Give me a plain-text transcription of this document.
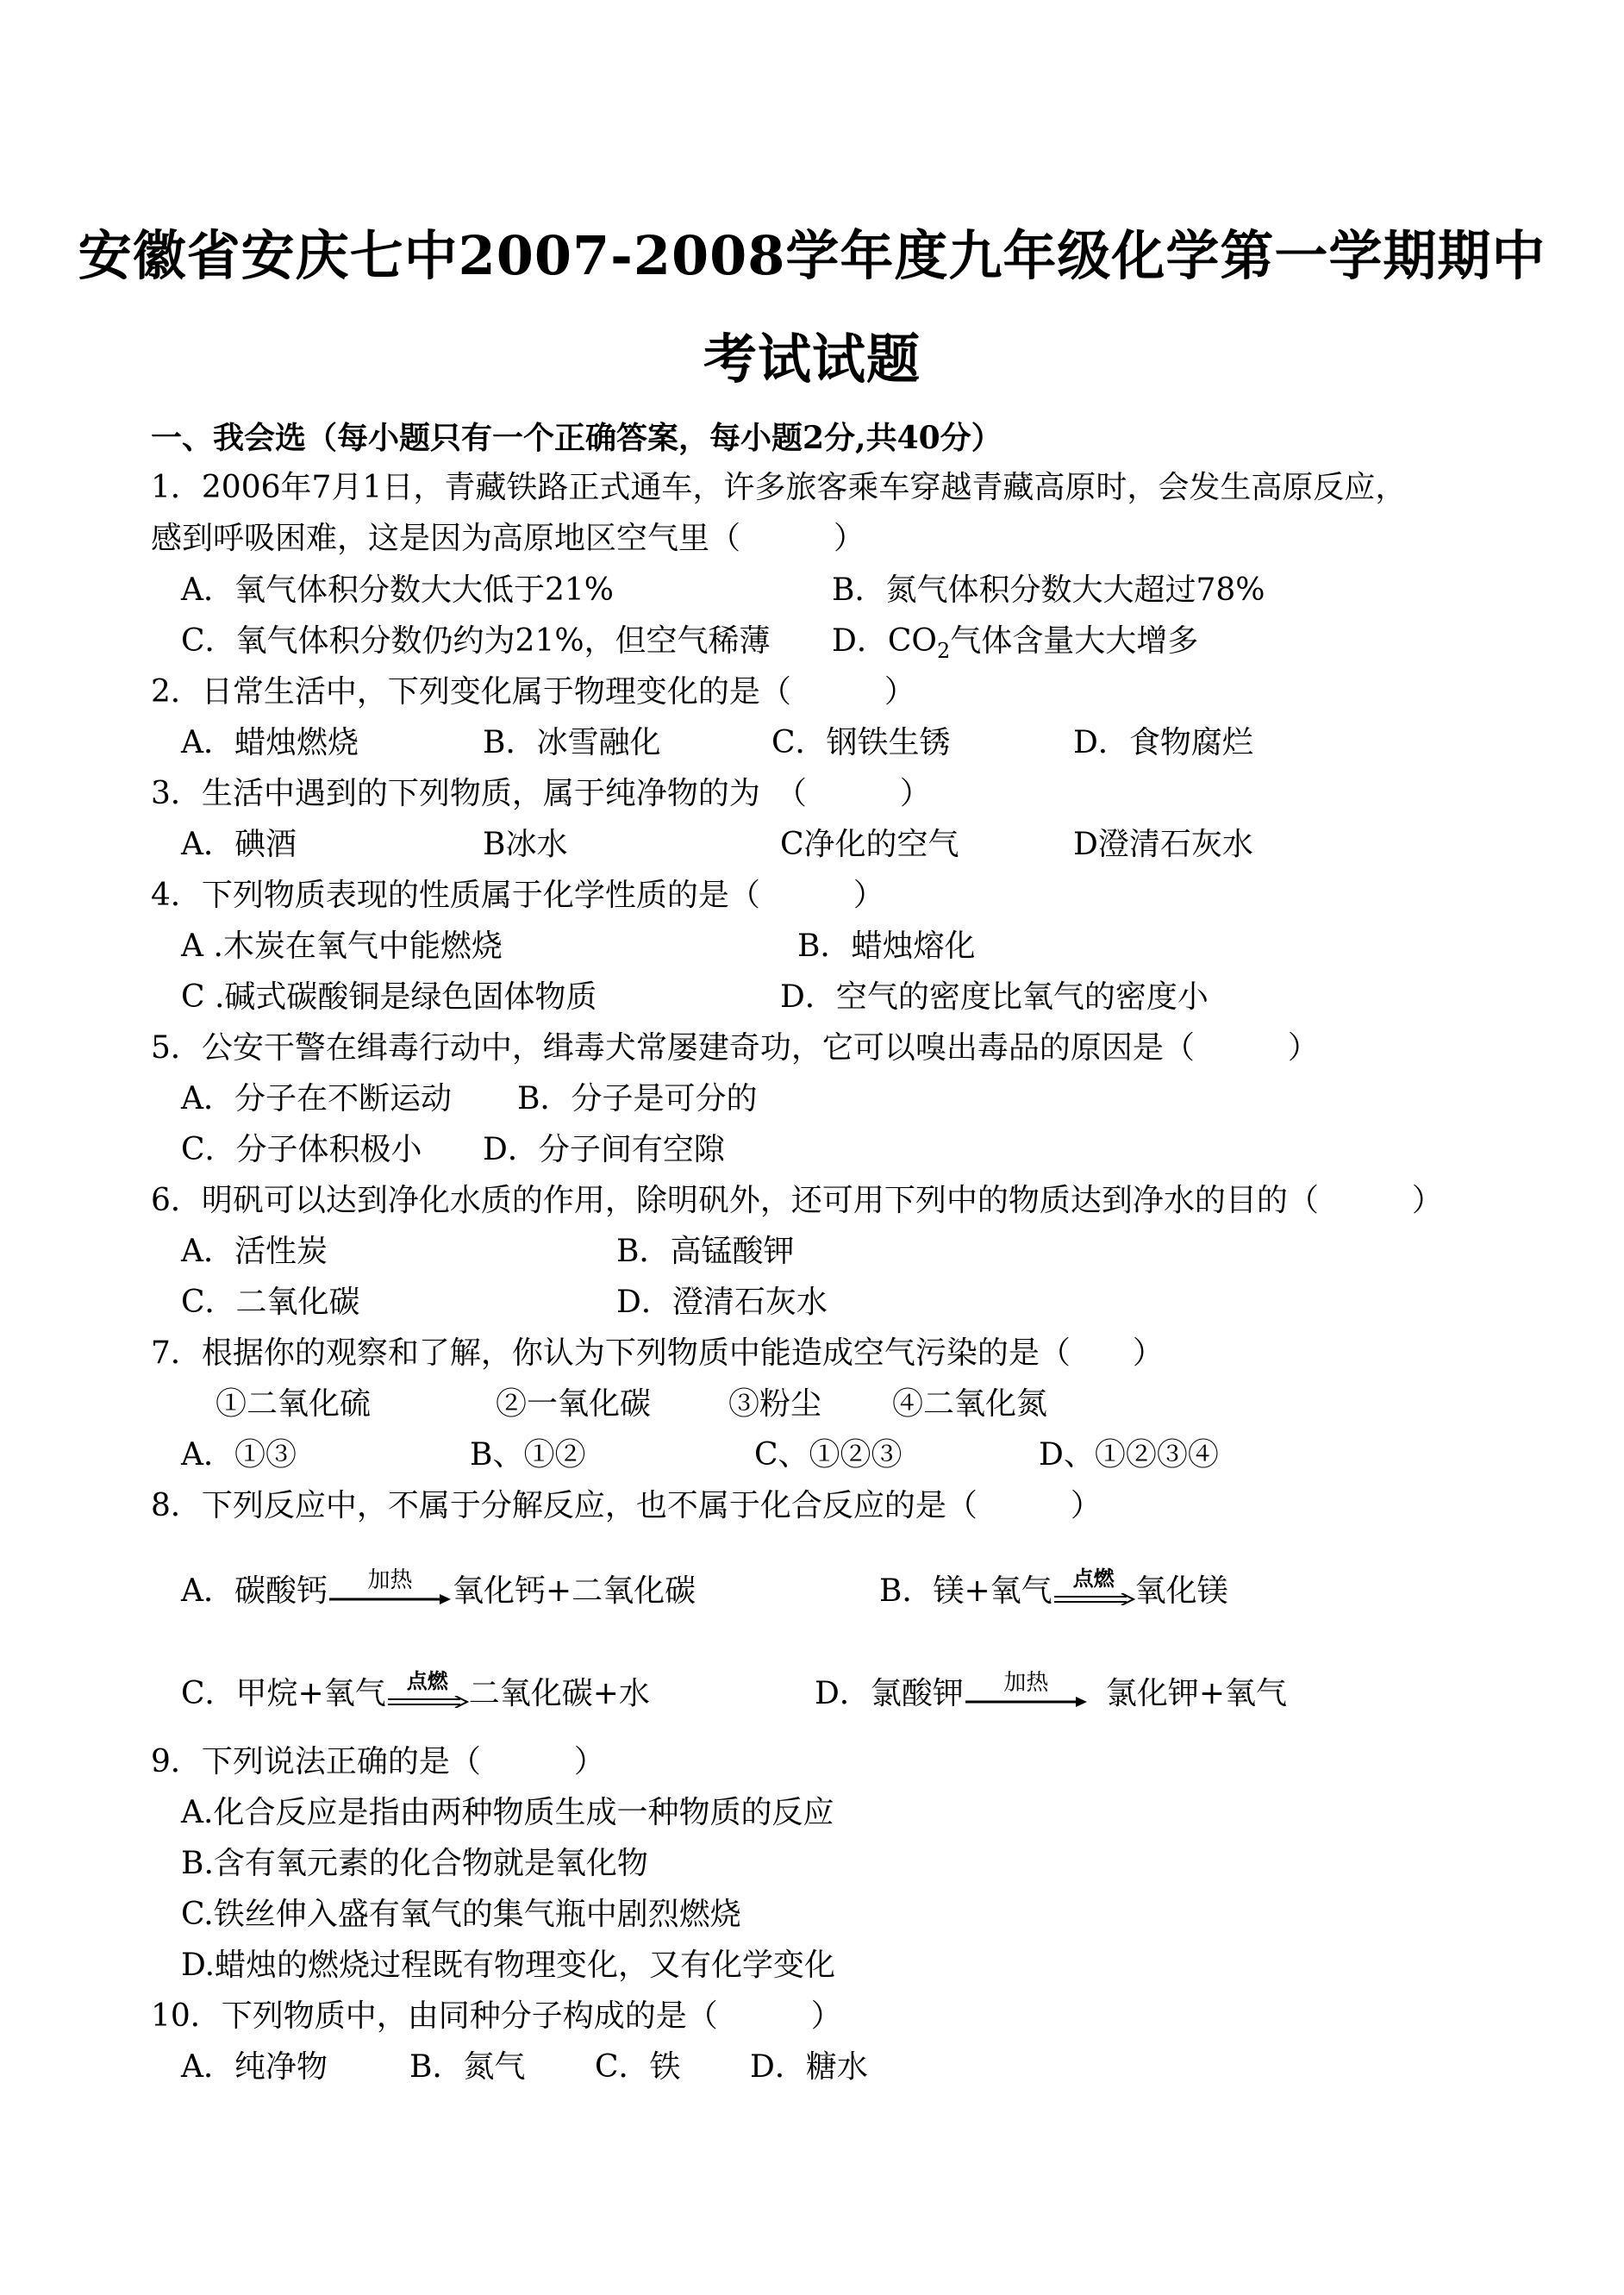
安徽省安庆七中2007-2008学年度九年级化学第一学期期中
考试试题
一、我会选（每小题只有一个正确答案，每小题2分,共40分）
1．2006年7月1日，青藏铁路正式通车，许多旅客乘车穿越青藏高原时，会发生高原反应，
感到呼吸困难，这是因为高原地区空气里（　　　）
A．氧气体积分数大大低于21%	B．氮气体积分数大大超过78%
C．氧气体积分数仍约为21%，但空气稀薄 D．$CO_2$气体含量大大增多
2．日常生活中，下列变化属于物理变化的是（　　　）
A．蜡烛燃烧	B．冰雪融化	C．钢铁生锈	D．食物腐烂
3．生活中遇到的下列物质，属于纯净物的为　（　　　）
A．碘酒	B冰水	C净化的空气	D澄清石灰水
4．下列物质表现的性质属于化学性质的是（　　　）
A .木炭在氧气中能燃烧	B．蜡烛熔化
C .碱式碳酸铜是绿色固体物质	D．空气的密度比氧气的密度小
5．公安干警在缉毒行动中，缉毒犬常屡建奇功，它可以嗅出毒品的原因是（　　　）
A．分子在不断运动 B．分子是可分的
C．分子体积极小 D．分子间有空隙
6．明矾可以达到净化水质的作用，除明矾外，还可用下列中的物质达到净水的目的（　　　）
A．活性炭	B．高锰酸钾
C．二氧化碳	D．澄清石灰水
7．根据你的观察和了解，你认为下列物质中能造成空气污染的是（　　）
①二氧化硫	②一氧化碳 ③粉尘 ④二氧化氮
A．①③	B、①②	C、①②③	D、①②③④
8．下列反应中，不属于分解反应，也不属于化合反应的是（　　　）
A．碳酸钙	加热	氧化钙+二氧化碳	B．镁+氧气	点燃 氧化镁
C．甲烷+氧气	点燃 二氧化碳+水	D．氯酸钾	加热	氯化钾+氧气
9．下列说法正确的是（　　　）
A.化合反应是指由两种物质生成一种物质的反应
B.含有氧元素的化合物就是氧化物
C.铁丝伸入盛有氧气的集气瓶中剧烈燃烧
D.蜡烛的燃烧过程既有物理变化，又有化学变化
10．下列物质中，由同种分子构成的是（　　　）
A．纯净物	B．氮气 C．铁 D．糖水
